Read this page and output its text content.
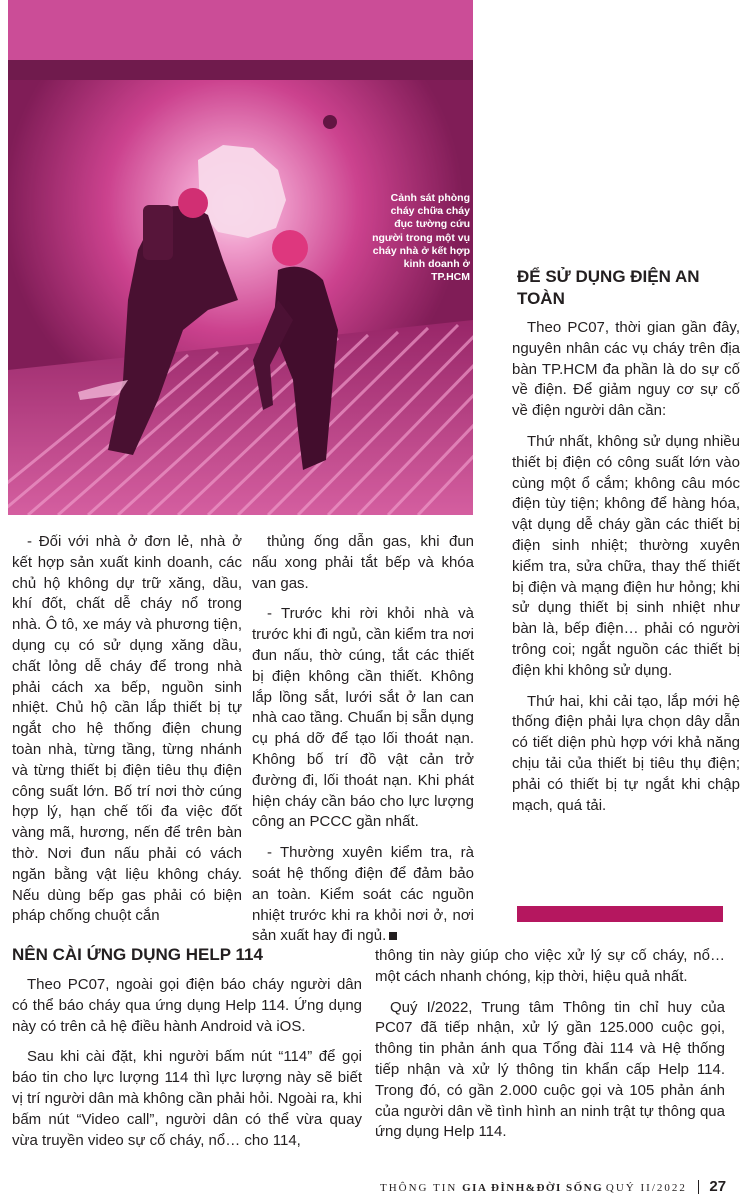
Cảnh sát phòng cháy chữa cháy đục tường cứu người trong một vụ cháy nhà ở kết hợp kinh doanh ở TP.HCM

- Đối với nhà ở đơn lẻ, nhà ở kết hợp sản xuất kinh doanh, các chủ hộ không dự trữ xăng, dầu, khí đốt, chất dễ cháy nổ trong nhà. Ô tô, xe máy và phương tiện, dụng cụ có sử dụng xăng dầu, chất lỏng dễ cháy để trong nhà phải cách xa bếp, nguồn sinh nhiệt. Chủ hộ cần lắp thiết bị tự ngắt cho hệ thống điện chung toàn nhà, từng tầng, từng nhánh và từng thiết bị điện tiêu thụ điện công suất lớn. Bố trí nơi thờ cúng hợp lý, hạn chế tối đa việc đốt vàng mã, hương, nến để trên bàn thờ. Nơi đun nấu phải có vách ngăn bằng vật liệu không cháy. Nếu dùng bếp gas phải có biện pháp chống chuột cắn

thủng ống dẫn gas, khi đun nấu xong phải tắt bếp và khóa van gas.

- Trước khi rời khỏi nhà và trước khi đi ngủ, cần kiểm tra nơi đun nấu, thờ cúng, tắt các thiết bị điện không cần thiết. Không lắp lồng sắt, lưới sắt ở lan can nhà cao tầng. Chuẩn bị sẵn dụng cụ phá dỡ để tạo lối thoát nạn. Không bố trí đồ vật cản trở đường đi, lối thoát nạn. Khi phát hiện cháy cần báo cho lực lượng công an PCCC gần nhất.

- Thường xuyên kiểm tra, rà soát hệ thống điện để đảm bảo an toàn. Kiểm soát các nguồn nhiệt trước khi ra khỏi nơi ở, nơi sản xuất hay đi ngủ.

ĐỂ SỬ DỤNG ĐIỆN AN TOÀN

Theo PC07, thời gian gần đây, nguyên nhân các vụ cháy trên địa bàn TP.HCM đa phần là do sự cố về điện. Để giảm nguy cơ sự cố về điện người dân cần:

Thứ nhất, không sử dụng nhiều thiết bị điện có công suất lớn vào cùng một ổ cắm; không câu móc điện tùy tiện; không để hàng hóa, vật dụng dễ cháy gần các thiết bị điện sinh nhiệt; thường xuyên kiểm tra, sửa chữa, thay thế thiết bị điện và mạng điện hư hỏng; khi sử dụng thiết bị sinh nhiệt như bàn là, bếp điện… phải có người trông coi; ngắt nguồn các thiết bị điện khi không sử dụng.

Thứ hai, khi cải tạo, lắp mới hệ thống điện phải lựa chọn dây dẫn có tiết diện phù hợp với khả năng chịu tải của thiết bị tiêu thụ điện; phải có thiết bị tự ngắt khi chập mạch, quá tải.

NÊN CÀI ỨNG DỤNG HELP 114

Theo PC07, ngoài gọi điện báo cháy người dân có thể báo cháy qua ứng dụng Help 114. Ứng dụng này có trên cả hệ điều hành Android và iOS.

Sau khi cài đặt, khi người bấm nút “114” để gọi báo tin cho lực lượng 114 thì lực lượng này sẽ biết vị trí người dân mà không cần phải hỏi. Ngoài ra, khi bấm nút “Video call”, người dân có thể vừa quay vừa truyền video sự cố cháy, nổ… cho 114,

thông tin này giúp cho việc xử lý sự cố cháy, nổ… một cách nhanh chóng, kịp thời, hiệu quả nhất.

Quý I/2022, Trung tâm Thông tin chỉ huy của PC07 đã tiếp nhận, xử lý gần 125.000 cuộc gọi, thông tin phản ánh qua Tổng đài 114 và Hệ thống tiếp nhận và xử lý thông tin khẩn cấp Help 114. Trong đó, có gần 2.000 cuộc gọi và 105 phản ánh của người dân về tình hình an ninh trật tự thông qua ứng dụng Help 114.

THÔNG TIN GIA ĐÌNH&ĐỜI SỐNG QUÝ II/2022 27
